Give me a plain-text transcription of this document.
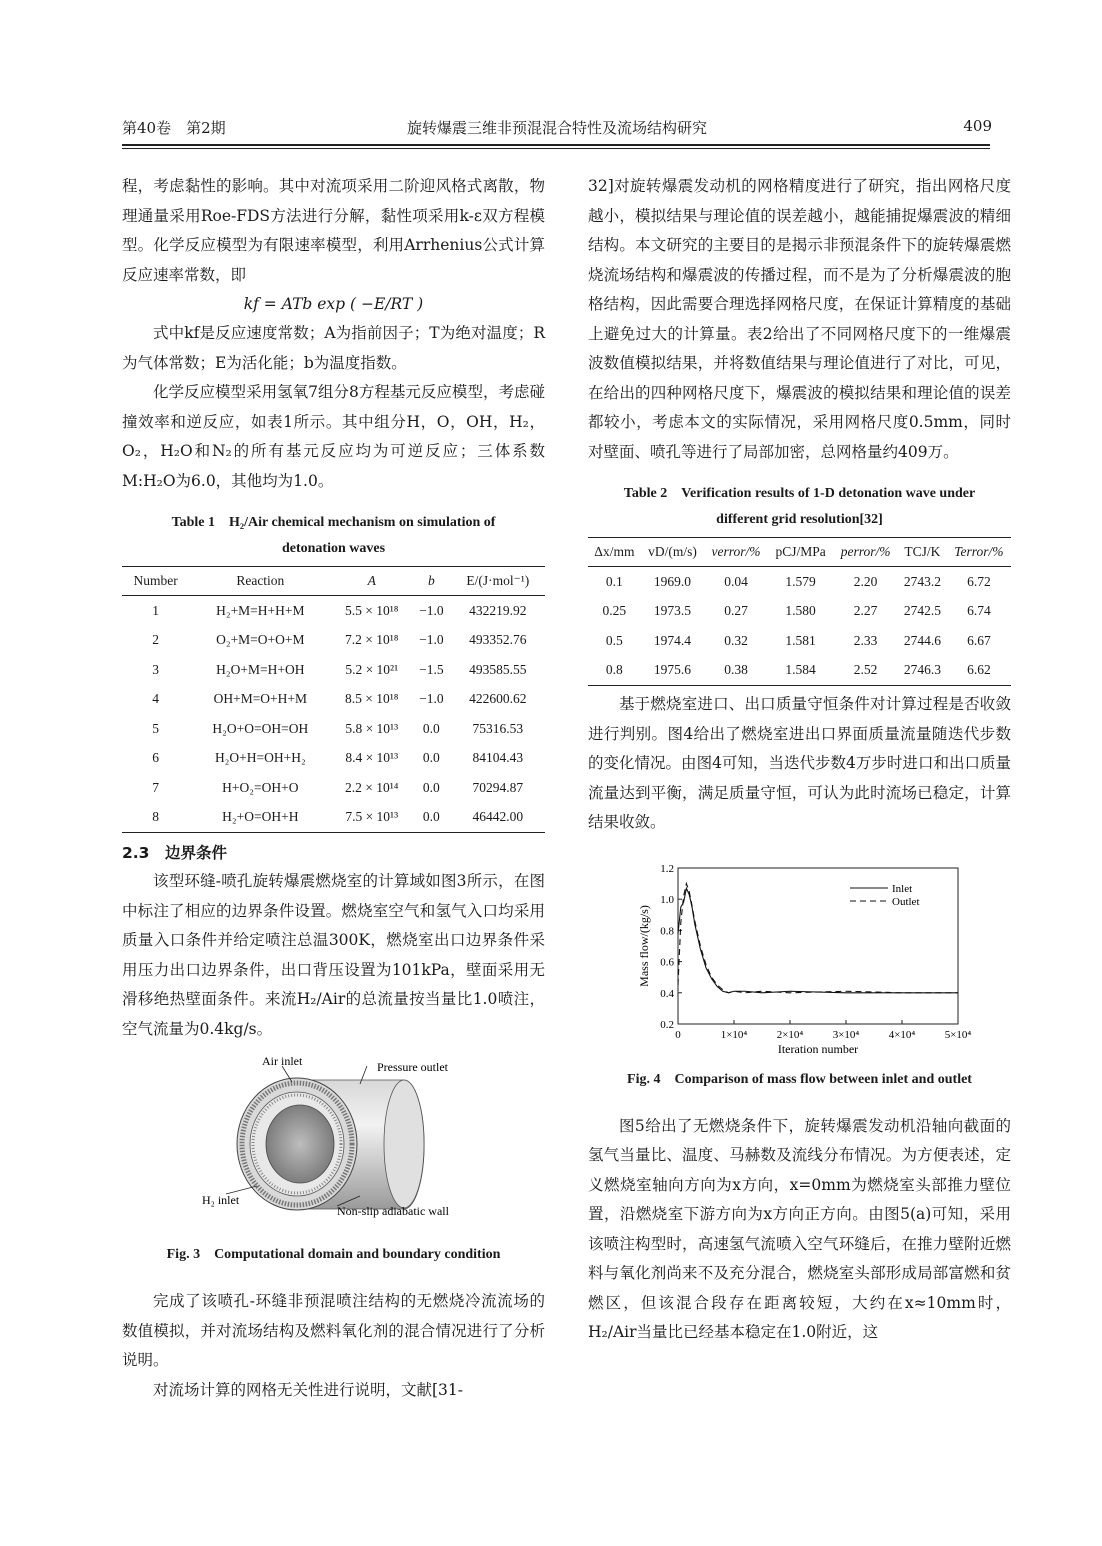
第40卷　第2期	旋转爆震三维非预混混合特性及流场结构研究	409

程，考虑黏性的影响。其中对流项采用二阶迎风格式离散，物理通量采用Roe-FDS方法进行分解，黏性项采用k-ε双方程模型。化学反应模型为有限速率模型，利用Arrhenius公式计算反应速率常数，即

kf = ATb exp ( −E/RT )

式中kf是反应速度常数；A为指前因子；T为绝对温度；R为气体常数；E为活化能；b为温度指数。

化学反应模型采用氢氧7组分8方程基元反应模型，考虑碰撞效率和逆反应，如表1所示。其中组分H，O，OH，H₂，O₂，H₂O和N₂的所有基元反应均为可逆反应；三体系数M:H₂O为6.0，其他均为1.0。

Table 1　H₂/Air chemical mechanism on simulation of

detonation waves

Number	Reaction	A	b	E/(J·mol⁻¹)
1	H₂+M=H+H+M	5.5 × 10¹⁸	−1.0	432219.92
2	O₂+M=O+O+M	7.2 × 10¹⁸	−1.0	493352.76
3	H₂O+M=H+OH	5.2 × 10²¹	−1.5	493585.55
4	OH+M=O+H+M	8.5 × 10¹⁸	−1.0	422600.62
5	H₂O+O=OH=OH	5.8 × 10¹³	0.0	75316.53
6	H₂O+H=OH+H₂	8.4 × 10¹³	0.0	84104.43
7	H+O₂=OH+O	2.2 × 10¹⁴	0.0	70294.87
8	H₂+O=OH+H	7.5 × 10¹³	0.0	46442.00

2.3　边界条件

该型环缝-喷孔旋转爆震燃烧室的计算域如图3所示，在图中标注了相应的边界条件设置。燃烧室空气和氢气入口均采用质量入口条件并给定喷注总温300K，燃烧室出口边界条件采用压力出口边界条件，出口背压设置为101kPa，壁面采用无滑移绝热壁面条件。来流H₂/Air的总流量按当量比1.0喷注，空气流量为0.4kg/s。

Air inlet	Pressure outlet
H₂ inlet
Non-slip adiabatic wall

Fig. 3　Computational domain and boundary condition

完成了该喷孔-环缝非预混喷注结构的无燃烧冷流流场的数值模拟，并对流场结构及燃料氧化剂的混合情况进行了分析说明。

对流场计算的网格无关性进行说明，文献[31-

32]对旋转爆震发动机的网格精度进行了研究，指出网格尺度越小，模拟结果与理论值的误差越小，越能捕捉爆震波的精细结构。本文研究的主要目的是揭示非预混条件下的旋转爆震燃烧流场结构和爆震波的传播过程，而不是为了分析爆震波的胞格结构，因此需要合理选择网格尺度，在保证计算精度的基础上避免过大的计算量。表2给出了不同网格尺度下的一维爆震波数值模拟结果，并将数值结果与理论值进行了对比，可见，在给出的四种网格尺度下，爆震波的模拟结果和理论值的误差都较小，考虑本文的实际情况，采用网格尺度0.5mm，同时对壁面、喷孔等进行了局部加密，总网格量约409万。

Table 2　Verification results of 1-D detonation wave under

different grid resolution[32]

Δx/mm	vD/(m/s)	verror/%	pCJ/MPa	perror/%	TCJ/K	Terror/%
0.1	1969.0	0.04	1.579	2.20	2743.2	6.72
0.25	1973.5	0.27	1.580	2.27	2742.5	6.74
0.5	1974.4	0.32	1.581	2.33	2744.6	6.67
0.8	1975.6	0.38	1.584	2.52	2746.3	6.62

基于燃烧室进口、出口质量守恒条件对计算过程是否收敛进行判别。图4给出了燃烧室进出口界面质量流量随迭代步数的变化情况。由图4可知，当迭代步数4万步时进口和出口质量流量达到平衡，满足质量守恒，可认为此时流场已稳定，计算结果收敛。

0.2
0.4
0.6
0.8
1.0
1.2
0	1×10⁴	2×10⁴	3×10⁴	4×10⁴	5×10⁴
Iteration number
Mass flow/(kg/s)
Inlet
Outlet

Fig. 4　Comparison of mass flow between inlet and outlet

图5给出了无燃烧条件下，旋转爆震发动机沿轴向截面的氢气当量比、温度、马赫数及流线分布情况。为方便表述，定义燃烧室轴向方向为x方向，x=0mm为燃烧室头部推力壁位置，沿燃烧室下游方向为x方向正方向。由图5(a)可知，采用该喷注构型时，高速氢气流喷入空气环缝后，在推力壁附近燃料与氧化剂尚来不及充分混合，燃烧室头部形成局部富燃和贫燃区，但该混合段存在距离较短，大约在x≈10mm时，H₂/Air当量比已经基本稳定在1.0附近，这
